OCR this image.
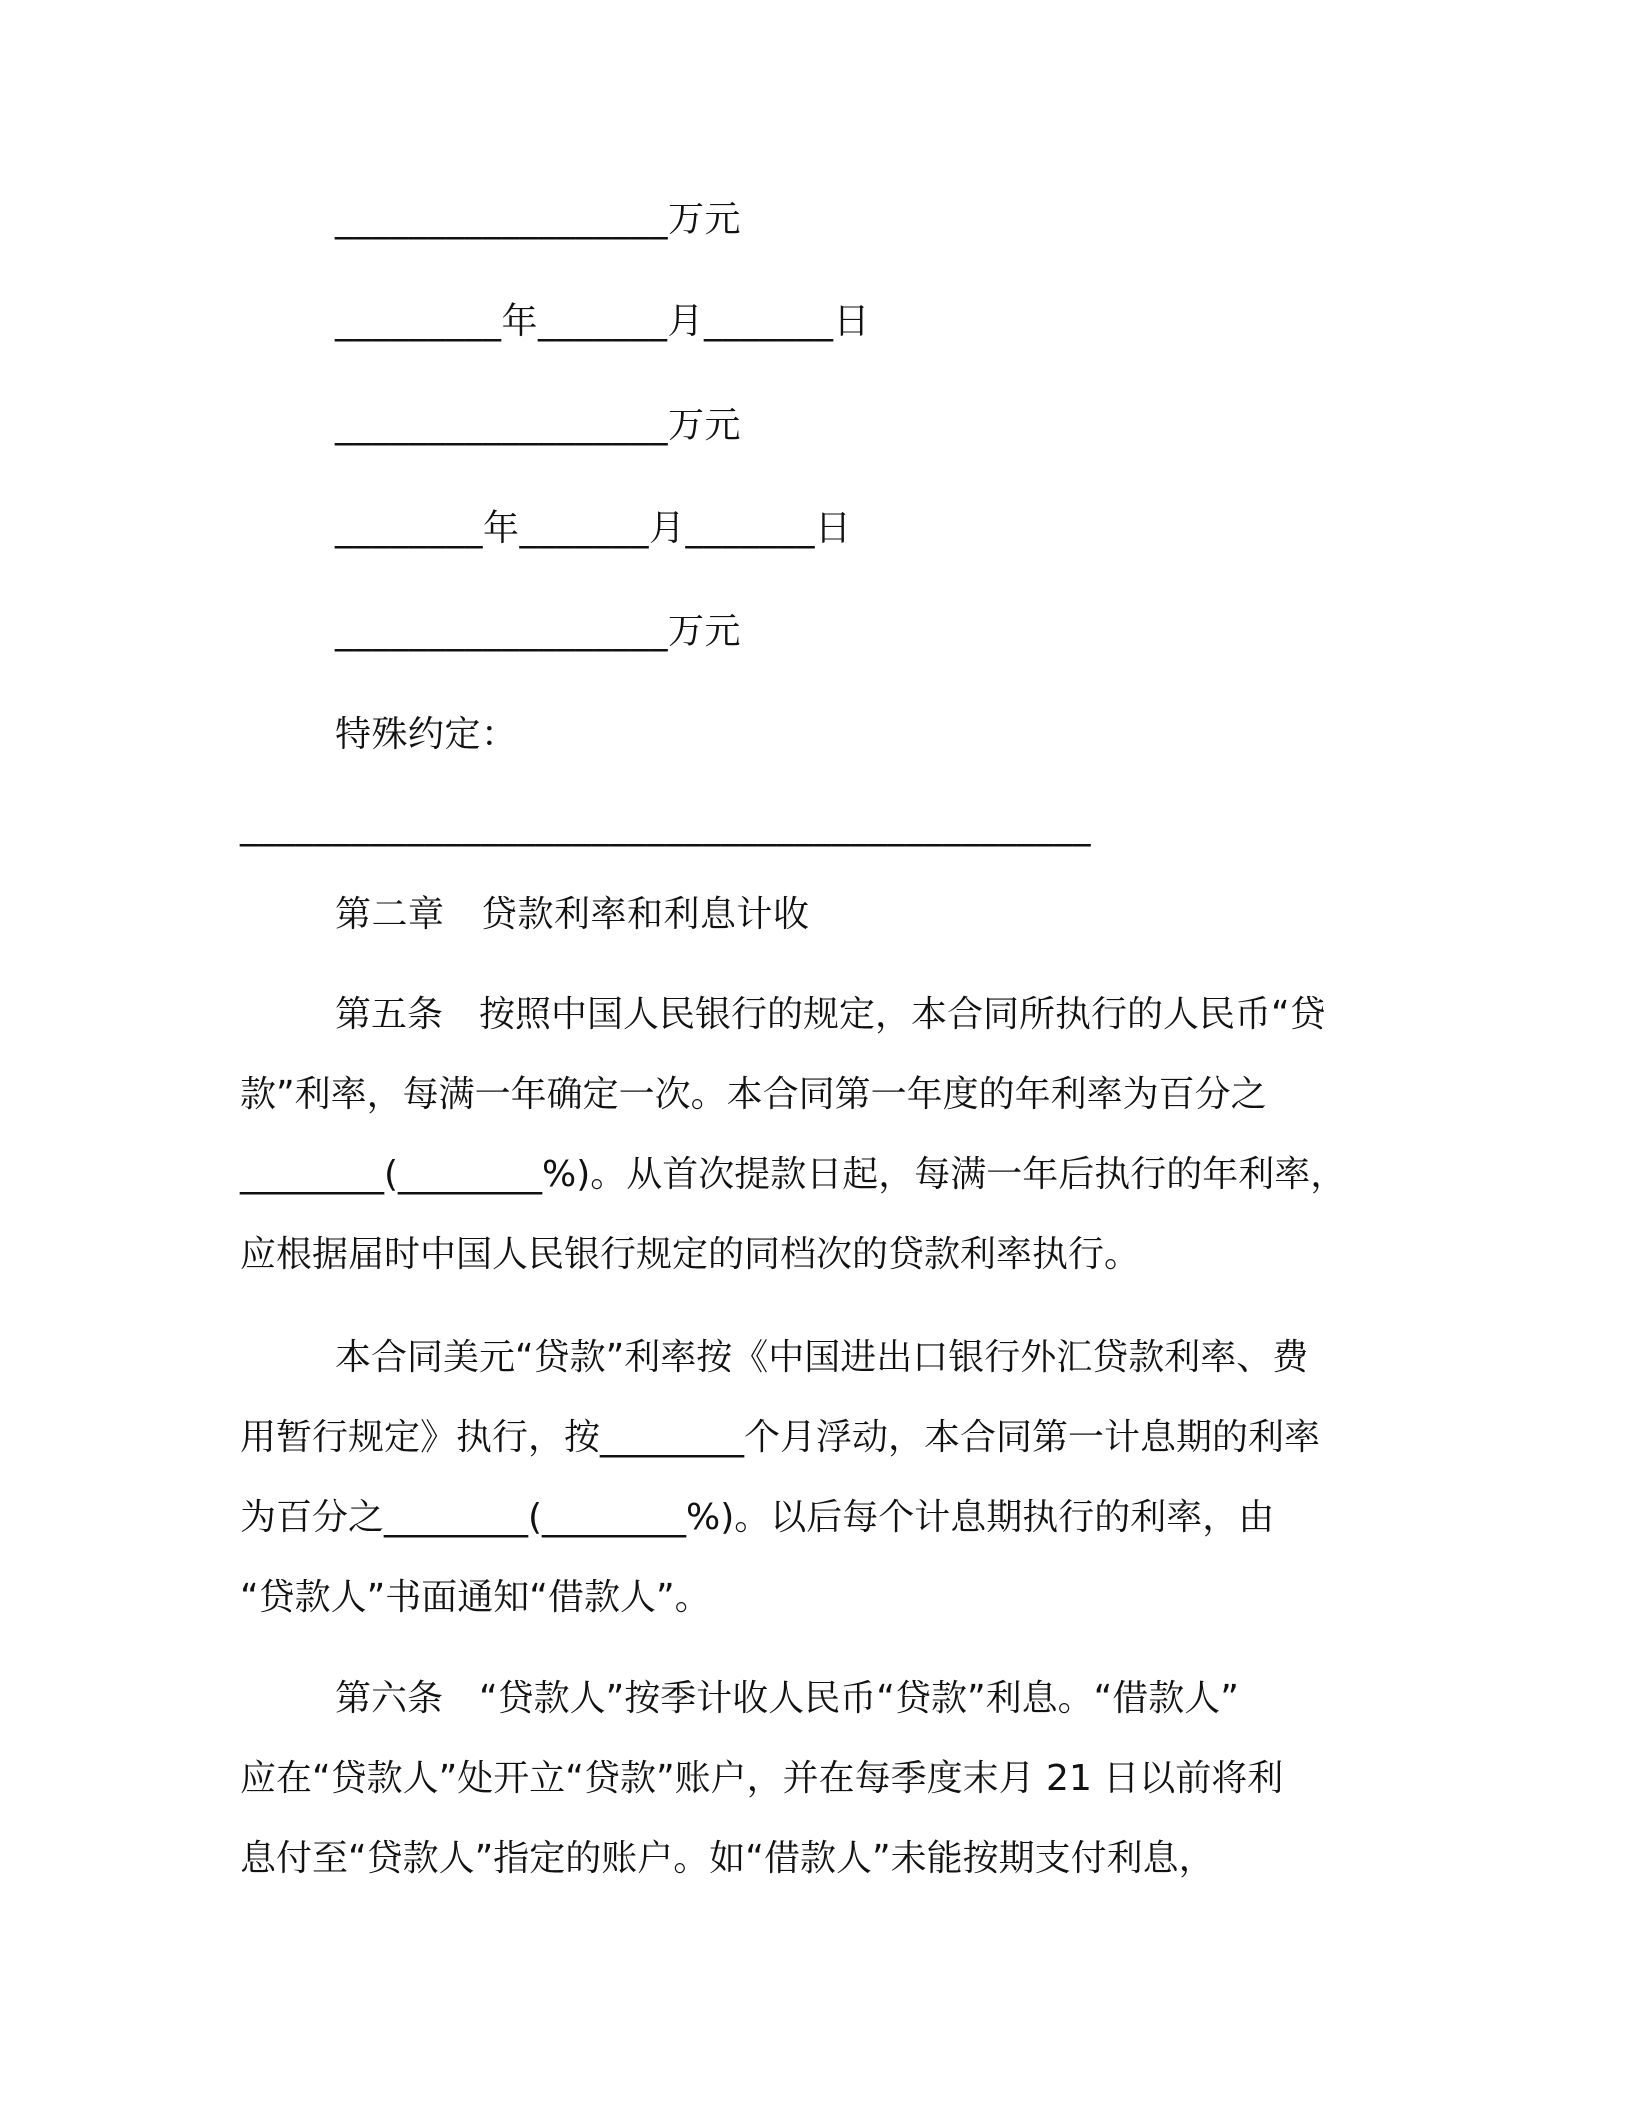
__________________万元
_________年_______月_______日
__________________万元
________年_______月_______日
__________________万元
特殊约定：
______________________________________________
第二章　贷款利率和利息计收
第五条　按照中国人民银行的规定，本合同所执行的人民币“贷
款”利率，每满一年确定一次。本合同第一年度的年利率为百分之
________(________%)。从首次提款日起，每满一年后执行的年利率，
应根据届时中国人民银行规定的同档次的贷款利率执行。
本合同美元“贷款”利率按《中国进出口银行外汇贷款利率、费
用暂行规定》执行，按________个月浮动，本合同第一计息期的利率
为百分之________(________%)。以后每个计息期执行的利率，由
“贷款人”书面通知“借款人”。
第六条　“贷款人”按季计收人民币“贷款”利息。“借款人”
应在“贷款人”处开立“贷款”账户，并在每季度末月 21 日以前将利
息付至“贷款人”指定的账户。如“借款人”未能按期支付利息，
